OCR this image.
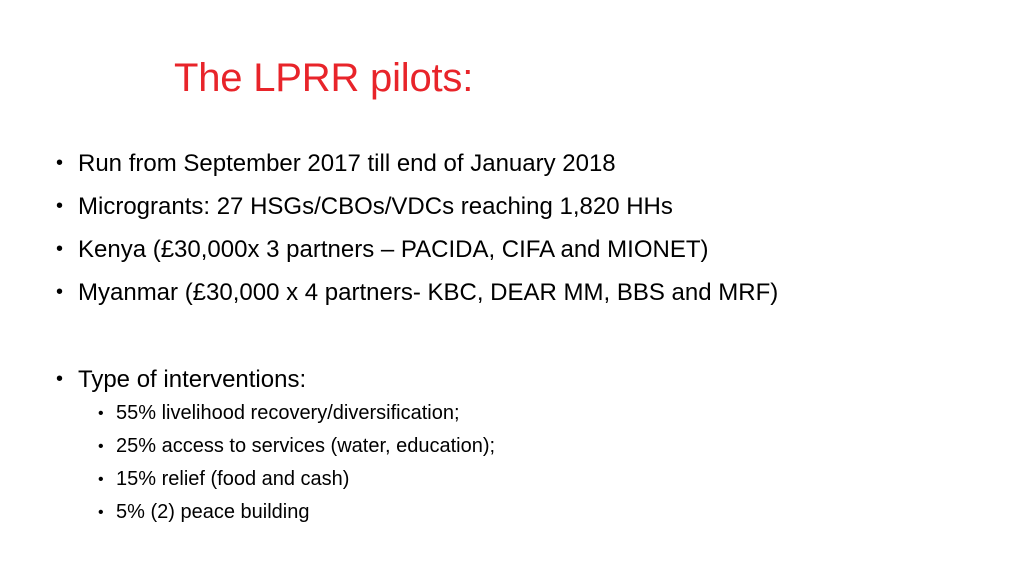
The LPRR pilots:
• Run from September 2017 till end of January 2018
• Microgrants: 27 HSGs/CBOs/VDCs reaching 1,820 HHs
• Kenya (£30,000x 3 partners – PACIDA, CIFA and MIONET)
• Myanmar (£30,000 x 4 partners- KBC, DEAR MM, BBS and MRF)
• Type of interventions:
• 55% livelihood recovery/diversification;
• 25% access to services (water, education);
• 15% relief (food and cash)
• 5% (2) peace building
